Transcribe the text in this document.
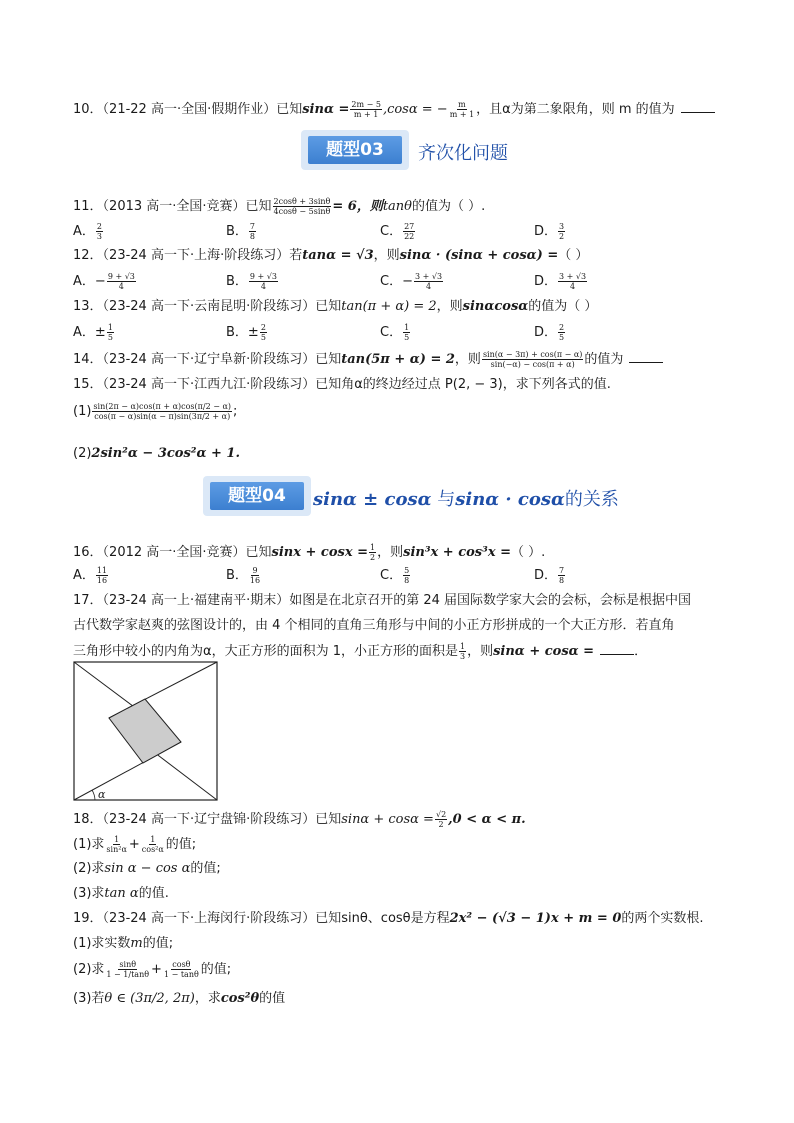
10．（21-22 高一·全国·假期作业）已知$\sin\alpha = \frac{2m - 5}{m + 1} ,\cos\alpha$ = − $\frac{m}{m + 1}$ ，且α为第二象限角，则 m 的值为
题型03	齐次化问题
11．（2013 高一·全国·竞赛）已知 $\frac{2\cos\theta + 3\sin\theta}{4\cos\theta - 5\sin\theta} = 6$，则tanθ的值为（ ）.
A． $\frac{2}{3}$	B． $\frac{7}{8}$	C． $\frac{27}{22}$	D． $\frac{3}{2}$
12．（23-24 高一下·上海·阶段练习）若tanα = √3，则sinα · (sinα + cosα) =（ ）
A．− $\frac{9 + √3}{4}$	B． $\frac{9 + √3}{4}$	C．− $\frac{3 + √3}{4}$	D． $\frac{3 + √3}{4}$
13．（23-24 高一下·云南昆明·阶段练习）已知tan(π + α) = 2，则sinαcosα的值为（ ）
A．± $\frac{1}{5}$	B．± $\frac{2}{5}$	C． $\frac{1}{5}$	D． $\frac{2}{5}$
14．（23-24 高一下·辽宁阜新·阶段练习）已知tan(5π + α) = 2，则 $\frac{\sin(\alpha - 3\pi) + \cos(\pi - \alpha)}{\sin(-\alpha) - \cos(\pi + \alpha)}$ 的值为
15．（23-24 高一下·江西九江·阶段练习）已知角α的终边经过点 P(2, − 3)，求下列各式的值.
$(1) \frac{\sin(2\pi - \alpha)\cos(\pi + \alpha)\cos(\pi/2 - \alpha)}{\cos(\pi - \alpha)\sin(\alpha - \pi)\sin(3\pi/2 + \alpha)}$ ;
(2)2sin²α − 3cos²α + 1.
题型04	sinα ± cosα 与sinα · cosα的关系
16．（2012 高一·全国·竞赛）已知$\sin x + \cos x = \frac{1}{2}$ ，则sin³x + cos³x =（ ）.
A． $\frac{11}{16}$	B． $\frac{9}{16}$	C． $\frac{5}{8}$	D． $\frac{7}{8}$
17．（23-24 高一上·福建南平·期末）如图是在北京召开的第 24 届国际数学家大会的会标，会标是根据中国
古代数学家赵爽的弦图设计的，由 4 个相同的直角三角形与中间的小正方形拼成的一个大正方形．若直角
三角形中较小的内角为α，大正方形的面积为 1，小正方形的面积是 $\frac{1}{3}$ ，则sinα + cosα =	．
α
18．（23-24 高一下·辽宁盘锦·阶段练习）已知$\sin\alpha + \cos\alpha = \frac{√2}{2} ,0 < \alpha < \pi$.
(1)求 $\frac{1}{\text{sin²α}} + \frac{1}{\text{cos²α}}$ 的值;
(2)求sin α − cos α的值;
(3)求tan α的值.
19．（23-24 高一下·上海闵行·阶段练习）已知sinθ、cosθ是方程2x² − (√3 − 1)x + m = 0的两个实数根.
(1)求实数m的值;
(2)求 $\frac{\sin\theta}{1 - 1/\tan\theta} + \frac{\cos\theta}{1 - \tan\theta}$ 的值;
(3)若θ ∈ (3π/2, 2π)，求cos²θ的值
